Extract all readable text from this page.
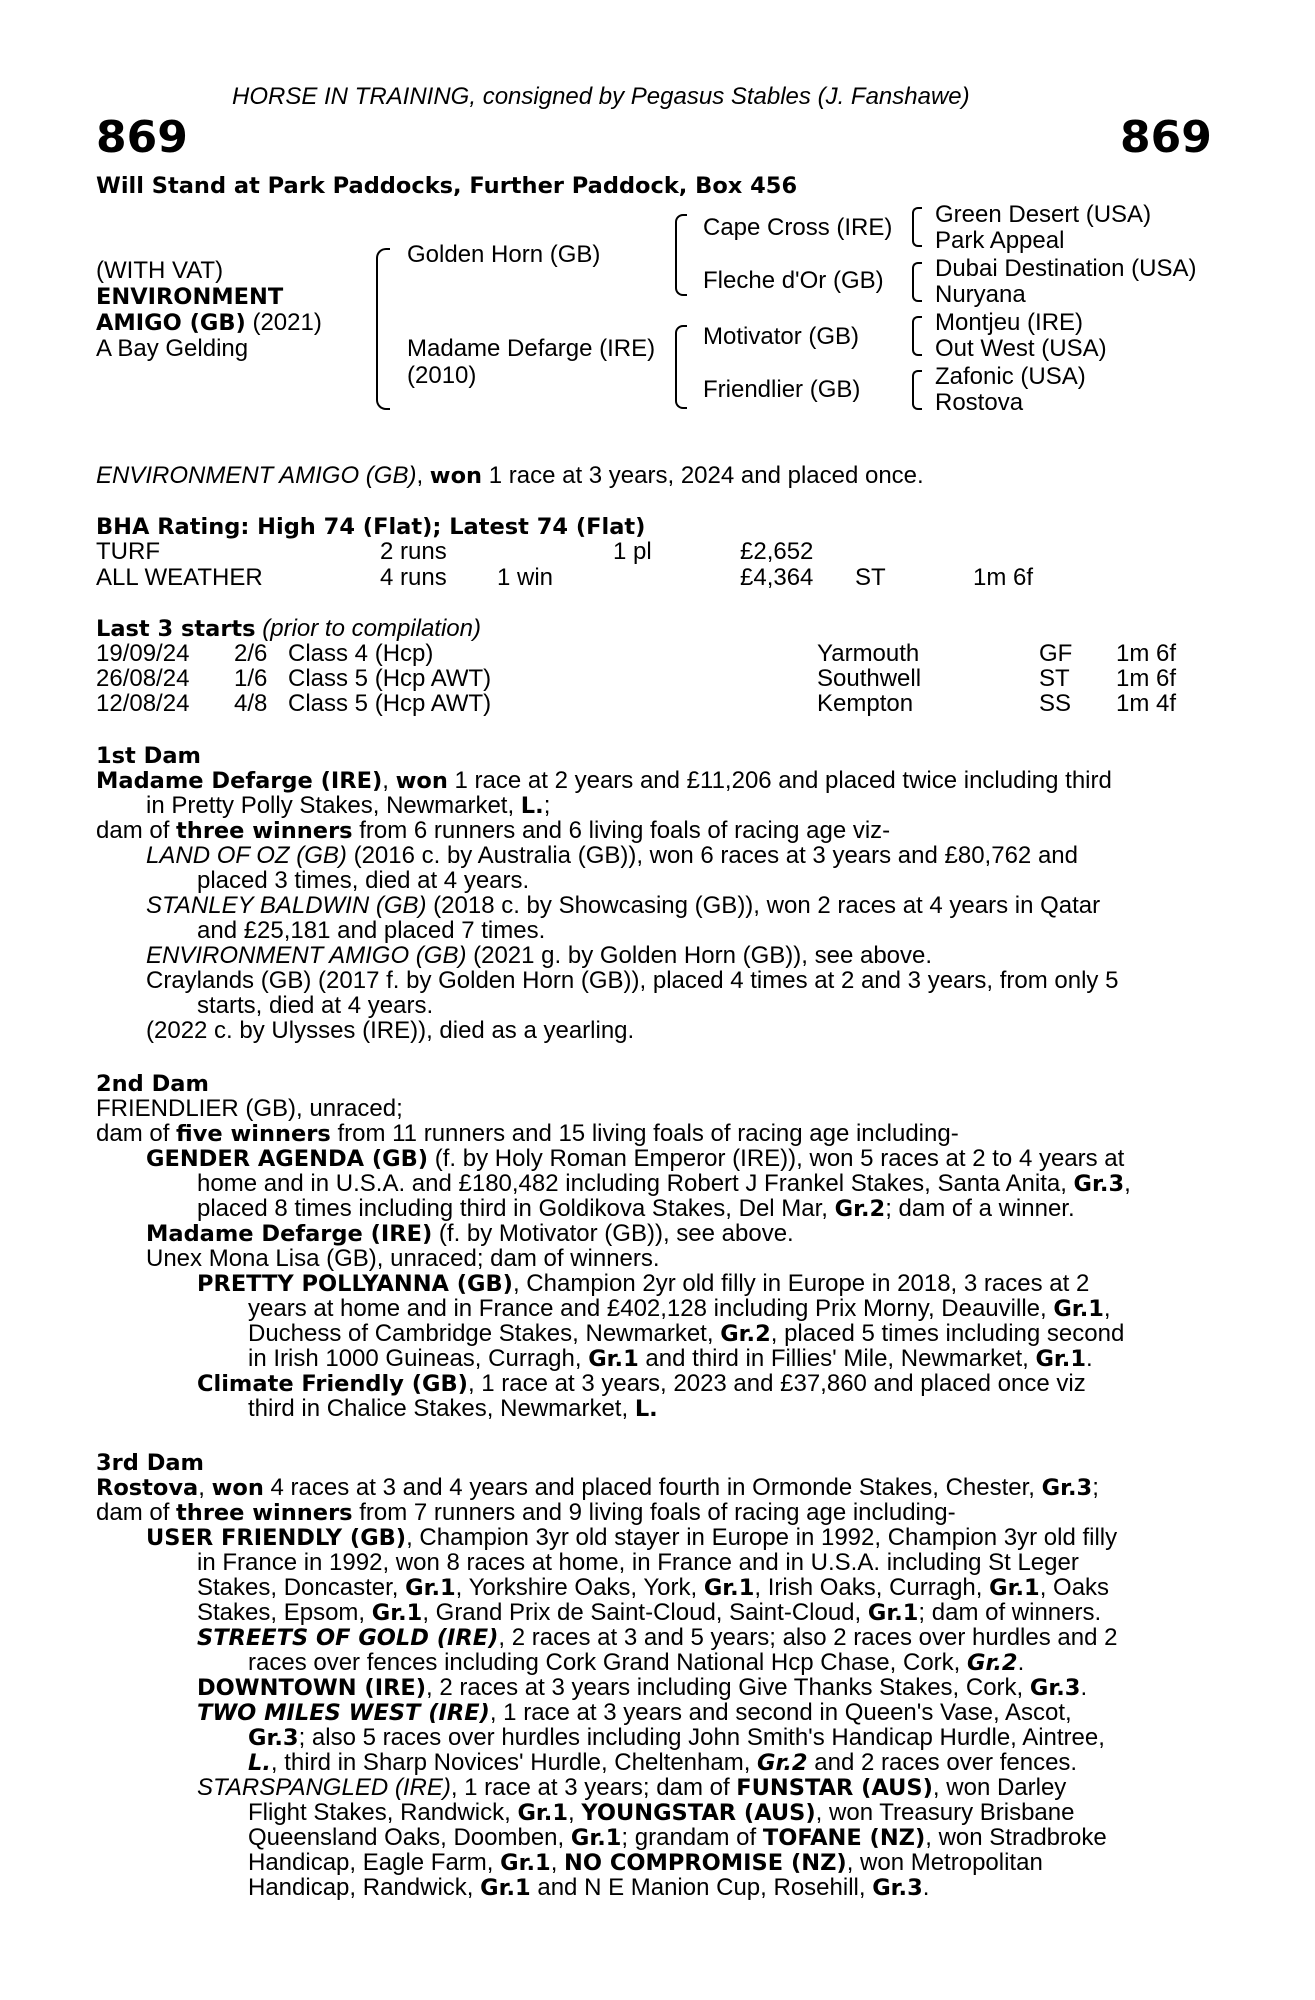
HORSE IN TRAINING, consigned by Pegasus Stables (J. Fanshawe)
869	869
Will Stand at Park Paddocks, Further Paddock, Box 456
(WITH VAT)
ENVIRONMENT
AMIGO (GB) (2021)
A Bay Gelding
Golden Horn (GB)
Madame Defarge (IRE)
(2010)
Cape Cross (IRE)
Fleche d'Or (GB)
Motivator (GB)
Friendlier (GB)
Green Desert (USA)
Park Appeal
Dubai Destination (USA)
Nuryana
Montjeu (IRE)
Out West (USA)
Zafonic (USA)
Rostova
ENVIRONMENT AMIGO (GB), won 1 race at 3 years, 2024 and placed once.
BHA Rating: High 74 (Flat); Latest 74 (Flat)
TURF	2 runs	1 pl	£2,652
ALL WEATHER	4 runs 1 win	£4,364 ST	1m 6f
Last 3 starts (prior to compilation)
19/09/24 2/6 Class 4 (Hcp)	Yarmouth	GF 1m 6f
26/08/24 1/6 Class 5 (Hcp AWT)	Southwell	ST 1m 6f
12/08/24 4/8 Class 5 (Hcp AWT)	Kempton	SS 1m 4f
1st Dam
Madame Defarge (IRE), won 1 race at 2 years and £11,206 and placed twice including third
in Pretty Polly Stakes, Newmarket, L.;
dam of three winners from 6 runners and 6 living foals of racing age viz-
LAND OF OZ (GB) (2016 c. by Australia (GB)), won 6 races at 3 years and £80,762 and
placed 3 times, died at 4 years.
STANLEY BALDWIN (GB) (2018 c. by Showcasing (GB)), won 2 races at 4 years in Qatar
and £25,181 and placed 7 times.
ENVIRONMENT AMIGO (GB) (2021 g. by Golden Horn (GB)), see above.
Craylands (GB) (2017 f. by Golden Horn (GB)), placed 4 times at 2 and 3 years, from only 5
starts, died at 4 years.
(2022 c. by Ulysses (IRE)), died as a yearling.
2nd Dam
FRIENDLIER (GB), unraced;
dam of five winners from 11 runners and 15 living foals of racing age including-
GENDER AGENDA (GB) (f. by Holy Roman Emperor (IRE)), won 5 races at 2 to 4 years at
home and in U.S.A. and £180,482 including Robert J Frankel Stakes, Santa Anita, Gr.3,
placed 8 times including third in Goldikova Stakes, Del Mar, Gr.2; dam of a winner.
Madame Defarge (IRE) (f. by Motivator (GB)), see above.
Unex Mona Lisa (GB), unraced; dam of winners.
PRETTY POLLYANNA (GB), Champion 2yr old filly in Europe in 2018, 3 races at 2
years at home and in France and £402,128 including Prix Morny, Deauville, Gr.1,
Duchess of Cambridge Stakes, Newmarket, Gr.2, placed 5 times including second
in Irish 1000 Guineas, Curragh, Gr.1 and third in Fillies' Mile, Newmarket, Gr.1.
Climate Friendly (GB), 1 race at 3 years, 2023 and £37,860 and placed once viz
third in Chalice Stakes, Newmarket, L.
3rd Dam
Rostova, won 4 races at 3 and 4 years and placed fourth in Ormonde Stakes, Chester, Gr.3;
dam of three winners from 7 runners and 9 living foals of racing age including-
USER FRIENDLY (GB), Champion 3yr old stayer in Europe in 1992, Champion 3yr old filly
in France in 1992, won 8 races at home, in France and in U.S.A. including St Leger
Stakes, Doncaster, Gr.1, Yorkshire Oaks, York, Gr.1, Irish Oaks, Curragh, Gr.1, Oaks
Stakes, Epsom, Gr.1, Grand Prix de Saint-Cloud, Saint-Cloud, Gr.1; dam of winners.
STREETS OF GOLD (IRE), 2 races at 3 and 5 years; also 2 races over hurdles and 2
races over fences including Cork Grand National Hcp Chase, Cork, Gr.2.
DOWNTOWN (IRE), 2 races at 3 years including Give Thanks Stakes, Cork, Gr.3.
TWO MILES WEST (IRE), 1 race at 3 years and second in Queen's Vase, Ascot,
Gr.3; also 5 races over hurdles including John Smith's Handicap Hurdle, Aintree,
L., third in Sharp Novices' Hurdle, Cheltenham, Gr.2 and 2 races over fences.
STARSPANGLED (IRE), 1 race at 3 years; dam of FUNSTAR (AUS), won Darley
Flight Stakes, Randwick, Gr.1, YOUNGSTAR (AUS), won Treasury Brisbane
Queensland Oaks, Doomben, Gr.1; grandam of TOFANE (NZ), won Stradbroke
Handicap, Eagle Farm, Gr.1, NO COMPROMISE (NZ), won Metropolitan
Handicap, Randwick, Gr.1 and N E Manion Cup, Rosehill, Gr.3.
